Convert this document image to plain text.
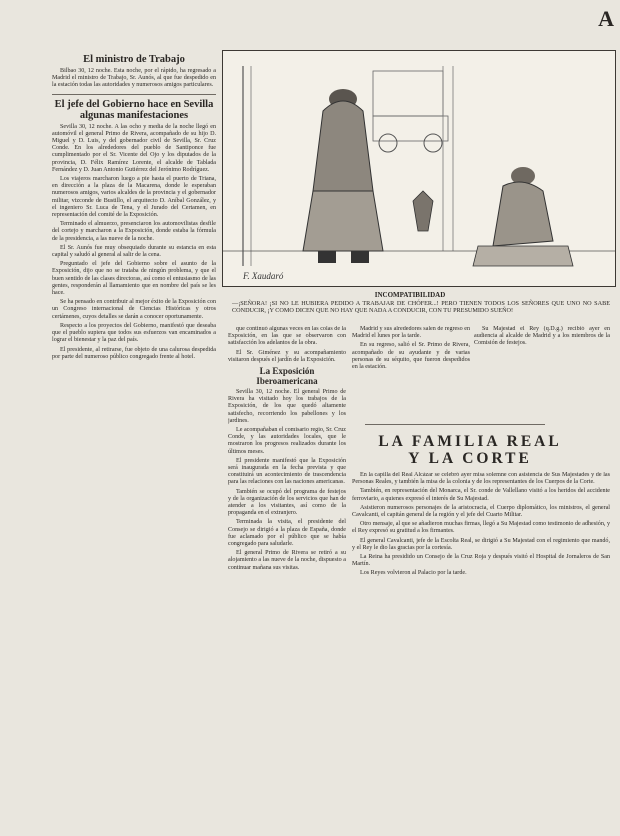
A
El ministro de Trabajo

Bilbao 30, 12 noche. Esta noche, por el rápido, ha regresado a Madrid el ministro de Trabajo, Sr. Aunós, al que fue despedido en la estación todas las autoridades y numerosos amigos particulares.

El jefe del Gobierno hace en Sevilla algunas manifestaciones

Sevilla 30, 12 noche. A las ocho y media de la noche llegó en automóvil el general Primo de Rivera, acompañado de su hijo D. Miguel y D. Luis, y del gobernador civil de Sevilla, Sr. Cruz Conde. En los alrededores del pueblo de Santiponce fue cumplimentado por el Sr. Vicente del Ojo y los diputados de la provincia, D. Félix Ramírez Lorente, el alcalde de Tablada Fernández y D. Juan Antonio Gutiérrez del Jerónimo Rodríguez.

Los viajeros marcharon luego a pie hasta el puerto de Triana, en dirección a la plaza de la Macarena, donde le esperaban numerosos amigos, varios alcaldes de la provincia y el gobernador militar, vizconde de Bustillo, el arquitecto D. Aníbal González, y el ingeniero Sr. Luca de Tena, y el Jurado del Certamen, en representación del comité de la Exposición.

Terminado el almuerzo, presenciaron los automovilistas desfile del cortejo y marcharon a la Exposición, donde estaba la fórmula de la presidencia, a las nueve de la noche.

El Sr. Aunós fue muy obsequiado durante su estancia en esta capital y saludó al general al salir de la cena.

Preguntado el jefe del Gobierno sobre el asunto de la Exposición, dijo que no se trataba de ningún problema, y que el buen sentido de las clases directoras, así como el entusiasmo de las gentes, responderán al llamamiento que en nombre del país se les hace.

Se ha pensado en contribuir al mejor éxito de la Exposición con un Congreso internacional de Ciencias Históricas y otros certámenes, cuyos detalles se darán a conocer oportunamente.

Respecto a los proyectos del Gobierno, manifestó que deseaba que el pueblo supiera que todos sus esfuerzos van encaminados a lograr el bienestar y la paz del país.

El presidente, al retirarse, fue objeto de una calurosa despedida por parte del numeroso público congregado frente al hotel.

F. Xaudaró
INCOMPATIBILIDAD
—¡SEÑORA! ¡SI NO LE HUBIERA PEDIDO A TRABAJAR DE CHÓFER...! PERO TIENEN TODOS LOS SEÑORES QUE UNO NO SABE CONDUCIR, ¡Y COMO DICEN QUE NO HAY QUE NADA A CONDUCIR, CON TU PRESUMIDO SUEÑO!

que continuó algunas veces en las colas de la Exposición, en las que se observaron con satisfacción los adelantos de la obra.

El Sr. Giménez y su acompañamiento visitaron después el jardín de la Exposición.

La Exposición Iberoamericana

Sevilla 30, 12 noche. El general Primo de Rivera ha visitado hoy los trabajos de la Exposición, de los que quedó altamente satisfecho, recorriendo los pabellones y los jardines.

Le acompañaban el comisario regio, Sr. Cruz Conde, y las autoridades locales, que le mostraron los progresos realizados durante los últimos meses.

El presidente manifestó que la Exposición será inaugurada en la fecha prevista y que constituirá un acontecimiento de trascendencia para las relaciones con las naciones americanas.

También se ocupó del programa de festejos y de la organización de los servicios que han de atender a los visitantes, así como de la propaganda en el extranjero.

Terminada la visita, el presidente del Consejo se dirigió a la plaza de España, donde fue aclamado por el público que se había congregado para saludarle.

El general Primo de Rivera se retiró a su alojamiento a las nueve de la noche, dispuesto a continuar mañana sus visitas.

Madrid y sus alrededores salen de regreso en Madrid el lunes por la tarde.

En su regreso, salió el Sr. Primo de Rivera, acompañado de su ayudante y de varias personas de su séquito, que fueron despedidos en la estación.

Su Majestad el Rey (q.D.g.) recibió ayer en audiencia al alcalde de Madrid y a los miembros de la Comisión de festejos.

LA FAMILIA REAL
Y LA CORTE

En la capilla del Real Alcázar se celebró ayer misa solemne con asistencia de Sus Majestades y de las Personas Reales, y también la misa de la colonia y de los representantes de los Cuerpos de la Corte.

También, en representación del Monarca, el Sr. conde de Vallellano visitó a los heridos del accidente ferroviario, a quienes expresó el interés de Su Majestad.

Asistieron numerosos personajes de la aristocracia, el Cuerpo diplomático, los ministros, el general Cavalcanti, el capitán general de la región y el jefe del Cuarto Militar.

Otro mensaje, al que se añadieron muchas firmas, llegó a Su Majestad como testimonio de adhesión, y el Rey expresó su gratitud a los firmantes.

El general Cavalcanti, jefe de la Escolta Real, se dirigió a Su Majestad con el regimiento que mandó, y el Rey le dio las gracias por la cortesía.

La Reina ha presidido un Consejo de la Cruz Roja y después visitó el Hospital de Jornaleros de San Martín.

Los Reyes volvieron al Palacio por la tarde.
